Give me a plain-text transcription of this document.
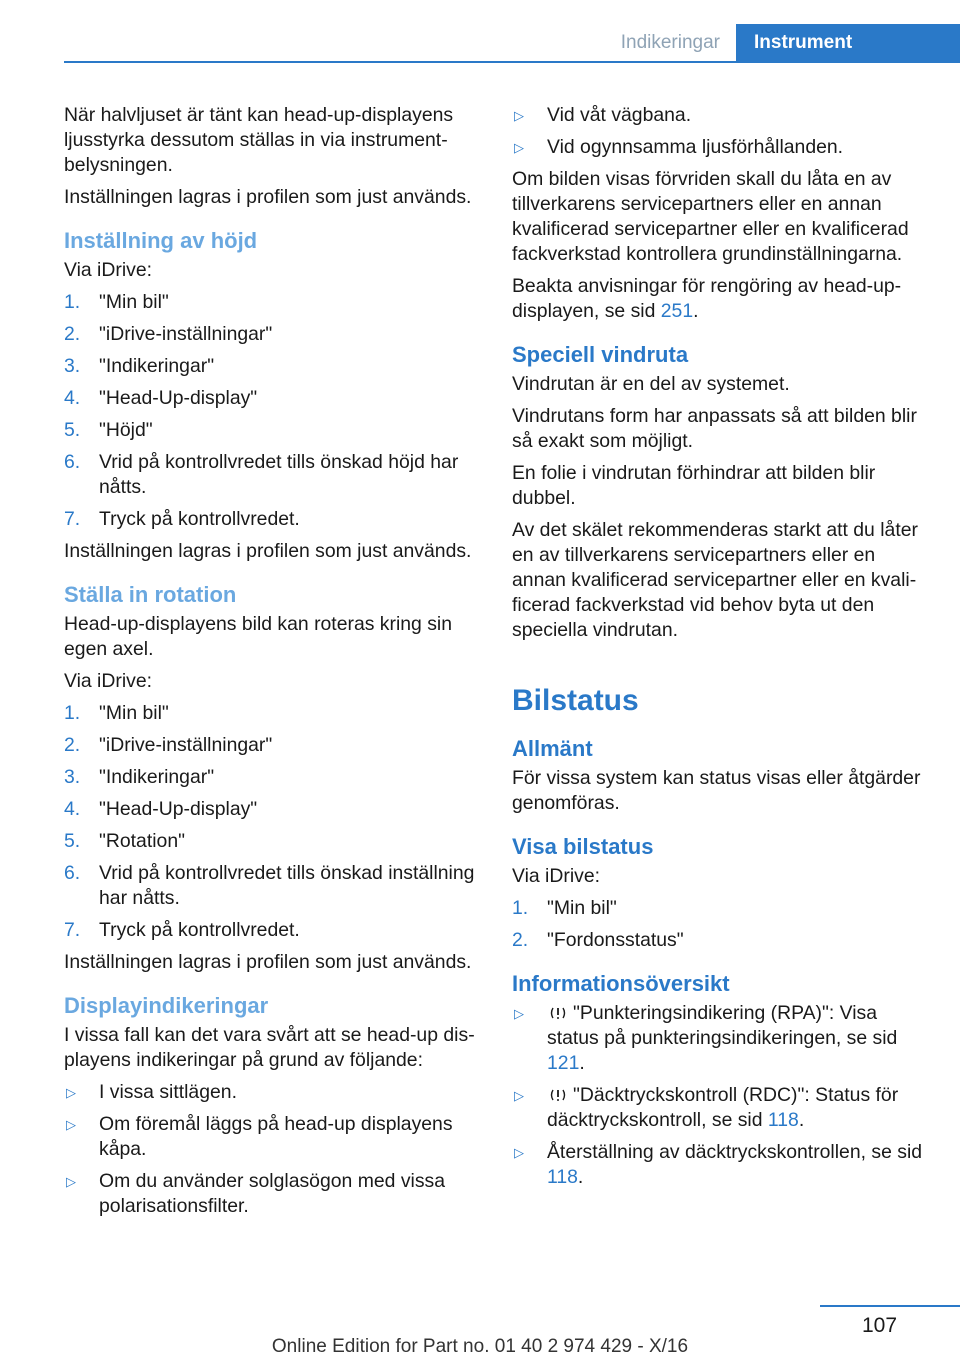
Indikeringar	Instrument

När halvljuset är tänt kan head-up-displayens ljusstyrka dessutom ställas in via instrumentbelysningen.

Inställningen lagras i profilen som just används.

Inställning av höjd

Via iDrive:

1. "Min bil"
2. "iDrive-inställningar"
3. "Indikeringar"
4. "Head-Up-display"
5. "Höjd"
6. Vrid på kontrollvredet tills önskad höjd har nåtts.
7. Tryck på kontrollvredet.

Inställningen lagras i profilen som just används.

Ställa in rotation

Head-up-displayens bild kan roteras kring sin egen axel.

Via iDrive:

1. "Min bil"
2. "iDrive-inställningar"
3. "Indikeringar"
4. "Head-Up-display"
5. "Rotation"
6. Vrid på kontrollvredet tills önskad inställning har nåtts.
7. Tryck på kontrollvredet.

Inställningen lagras i profilen som just används.

Displayindikeringar

I vissa fall kan det vara svårt att se head-up displayens indikeringar på grund av följande:

▷ I vissa sittlägen.
▷ Om föremål läggs på head-up displayens kåpa.
▷ Om du använder solglasögon med vissa polarisationsfilter.
▷ Vid våt vägbana.
▷ Vid ogynnsamma ljusförhållanden.

Om bilden visas förvriden skall du låta en av tillverkarens servicepartners eller en annan kvalificerad servicepartner eller en kvalificerad fackverkstad kontrollera grundinställningarna.

Beakta anvisningar för rengöring av head-up-displayen, se sid 251.

Speciell vindruta

Vindrutan är en del av systemet.

Vindrutans form har anpassats så att bilden blir så exakt som möjligt.

En folie i vindrutan förhindrar att bilden blir dubbel.

Av det skälet rekommenderas starkt att du låter en av tillverkarens servicepartners eller en annan kvalificerad servicepartner eller en kvalificerad fackverkstad vid behov byta ut den speciella vindrutan.

Bilstatus
Allmänt

För vissa system kan status visas eller åtgärder genomföras.

Visa bilstatus

Via iDrive:

1. "Min bil"
2. "Fordonsstatus"
Informationsöversikt
▷	"Punkteringsindikering (RPA)": Visa status på punkteringsindikeringen, se sid 121.
▷	"Däcktryckskontroll (RDC)": Status för däcktryckskontroll, se sid 118.
▷ Återställning av däcktryckskontrollen, se sid 118.
107
Online Edition for Part no. 01 40 2 974 429 - X/16
